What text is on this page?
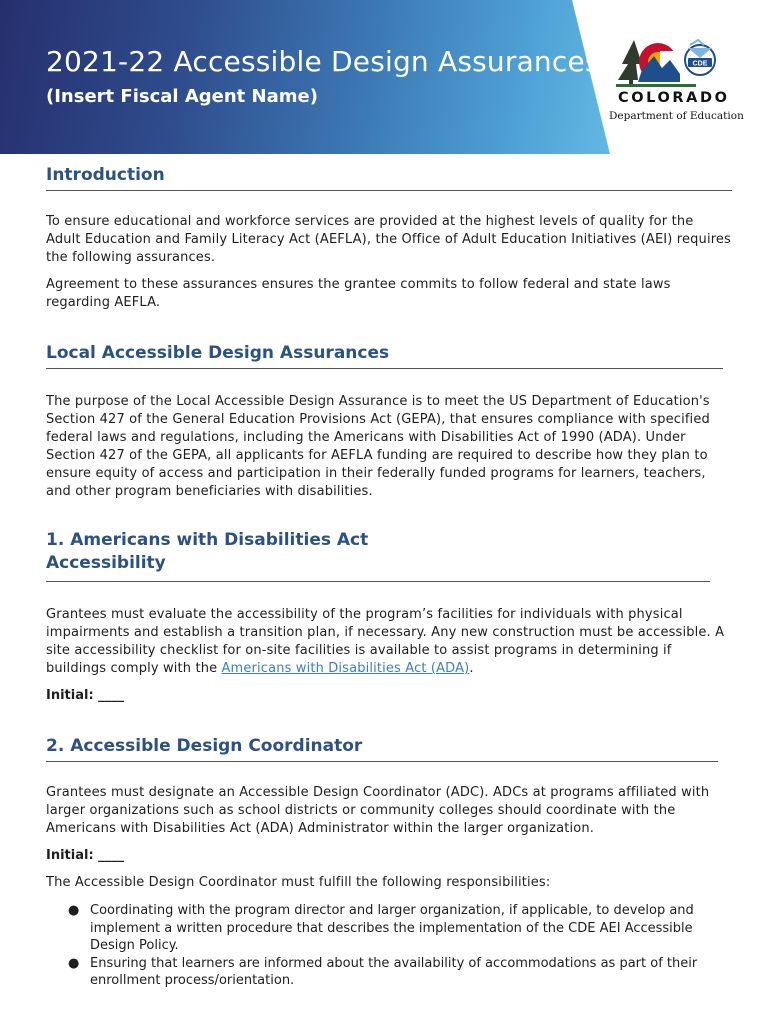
2021-22 Accessible Design Assurances
(Insert Fiscal Agent Name)
CDE
COLORADO
Department of Education
Introduction

To ensure educational and workforce services are provided at the highest levels of quality for the Adult Education and Family Literacy Act (AEFLA), the Office of Adult Education Initiatives (AEI) requires the following assurances.

Agreement to these assurances ensures the grantee commits to follow federal and state laws regarding AEFLA.

Local Accessible Design Assurances

The purpose of the Local Accessible Design Assurance is to meet the US Department of Education's Section 427 of the General Education Provisions Act (GEPA), that ensures compliance with specified federal laws and regulations, including the Americans with Disabilities Act of 1990 (ADA). Under Section 427 of the GEPA, all applicants for AEFLA funding are required to describe how they plan to ensure equity of access and participation in their federally funded programs for learners, teachers, and other program beneficiaries with disabilities.

1. Americans with Disabilities Act
Accessibility

Grantees must evaluate the accessibility of the program’s facilities for individuals with physical impairments and establish a transition plan, if necessary. Any new construction must be accessible. A site accessibility checklist for on-site facilities is available to assist programs in determining if buildings comply with the Americans with Disabilities Act (ADA).

Initial: ____
2. Accessible Design Coordinator

Grantees must designate an Accessible Design Coordinator (ADC). ADCs at programs affiliated with larger organizations such as school districts or community colleges should coordinate with the Americans with Disabilities Act (ADA) Administrator within the larger organization.

Initial: ____

The Accessible Design Coordinator must fulfill the following responsibilities:

● Coordinating with the program director and larger organization, if applicable, to develop and implement a written procedure that describes the implementation of the CDE AEI Accessible Design Policy.
● Ensuring that learners are informed about the availability of accommodations as part of their enrollment process/orientation.
